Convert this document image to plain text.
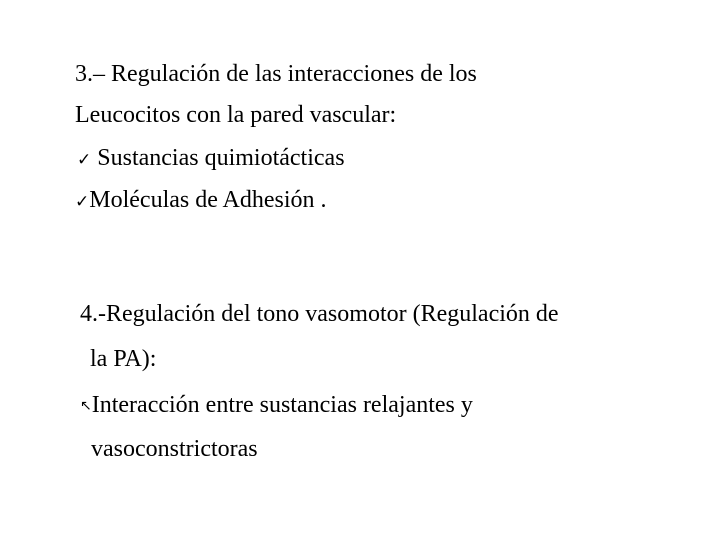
3.– Regulación de las interacciones de los
Leucocitos con la pared vascular:
✓ Sustancias quimiotácticas
✓Moléculas de Adhesión .
4.-Regulación del tono vasomotor (Regulación de
la PA):
↖Interacción entre sustancias relajantes y
vasoconstrictoras
